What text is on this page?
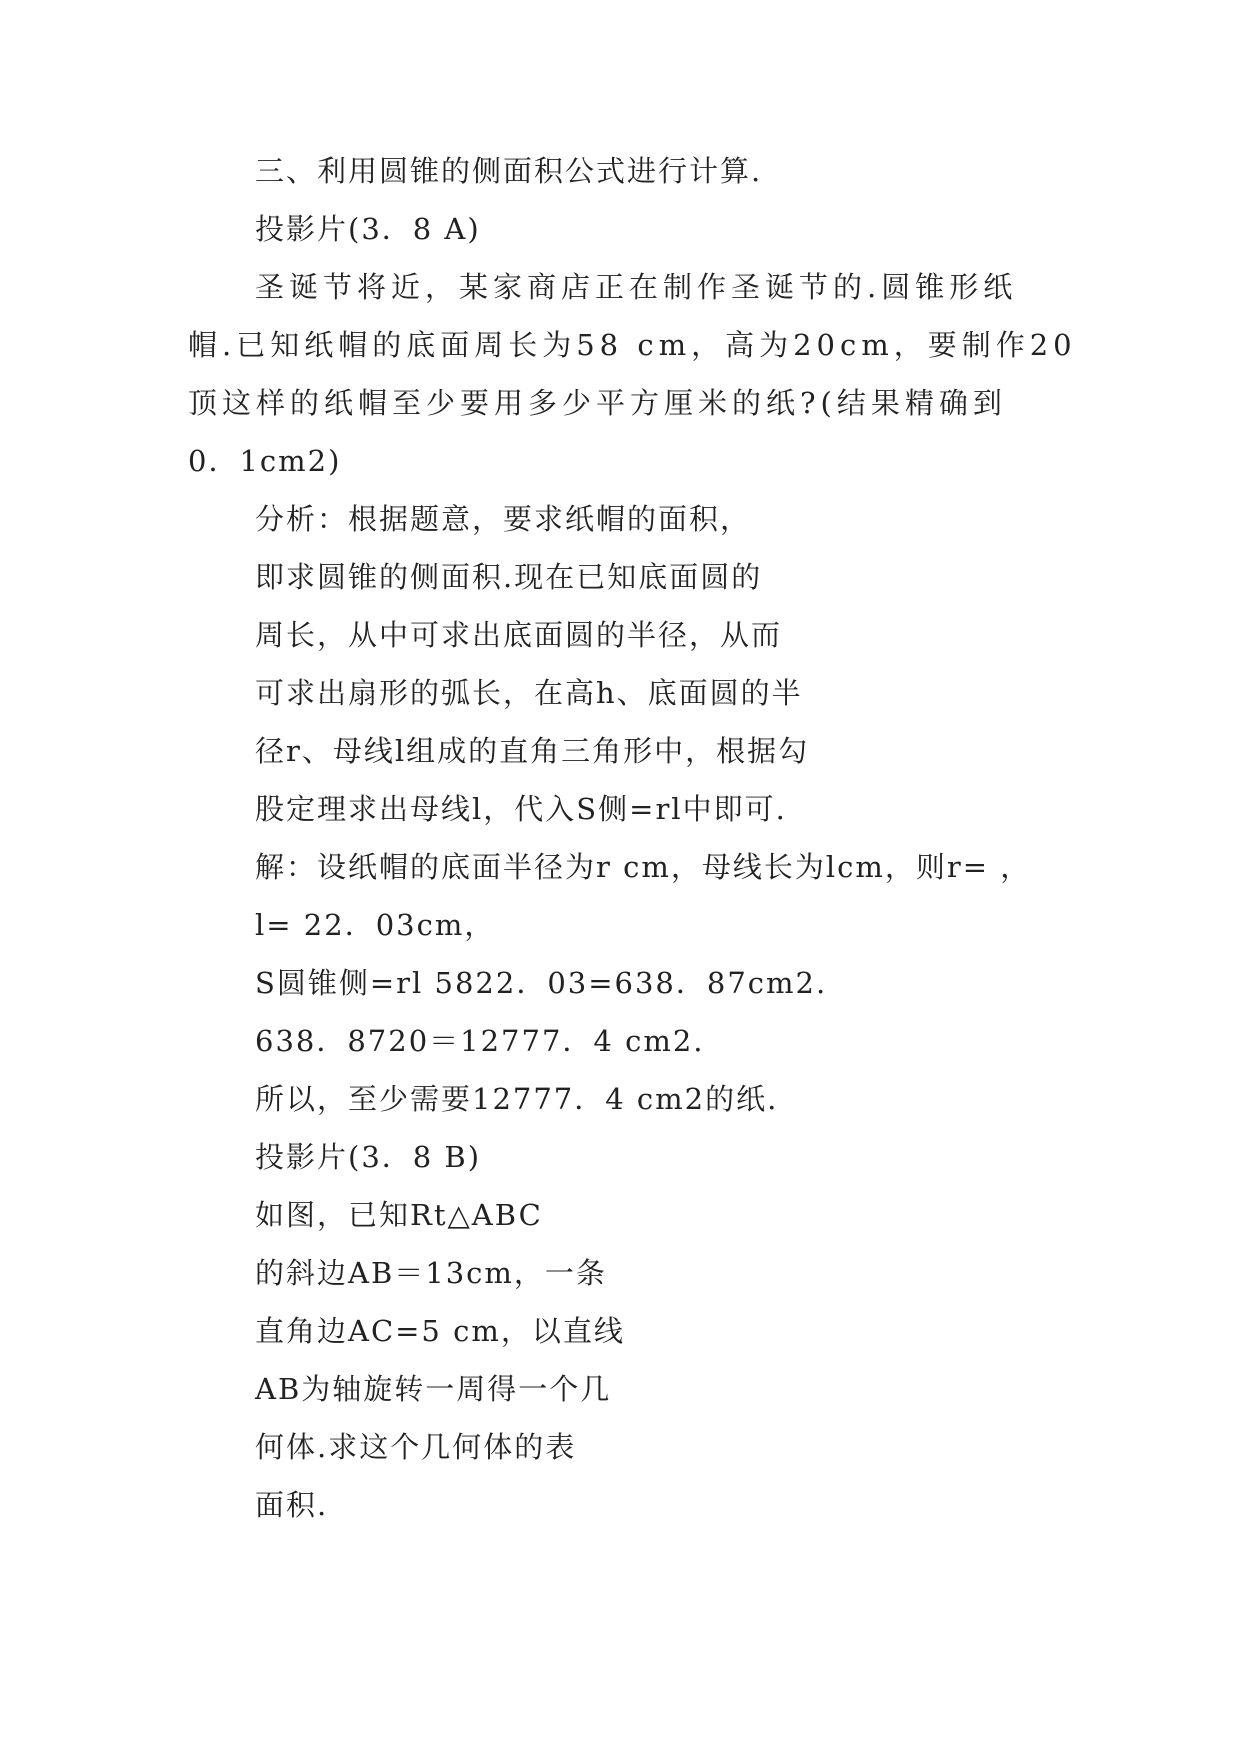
三、利用圆锥的侧面积公式进行计算.
投影片(3．8 A)
圣诞节将近，某家商店正在制作圣诞节的.圆锥形纸
帽.已知纸帽的底面周长为58 cm，高为20cm，要制作20
顶这样的纸帽至少要用多少平方厘米的纸?(结果精确到
0．1cm2)
分析：根据题意，要求纸帽的面积，
即求圆锥的侧面积.现在已知底面圆的
周长，从中可求出底面圆的半径，从而
可求出扇形的弧长，在高h、底面圆的半
径r、母线l组成的直角三角形中，根据勾
股定理求出母线l，代入S侧=rl中即可.
解：设纸帽的底面半径为r cm，母线长为lcm，则r= ，
l= 22．03cm，
S圆锥侧=rl 5822．03=638．87cm2.
638．8720＝12777．4 cm2.
所以，至少需要12777．4 cm2的纸.
投影片(3．8 B)
如图，已知Rt△ABC
的斜边AB＝13cm，一条
直角边AC=5 cm，以直线
AB为轴旋转一周得一个几
何体.求这个几何体的表
面积.
